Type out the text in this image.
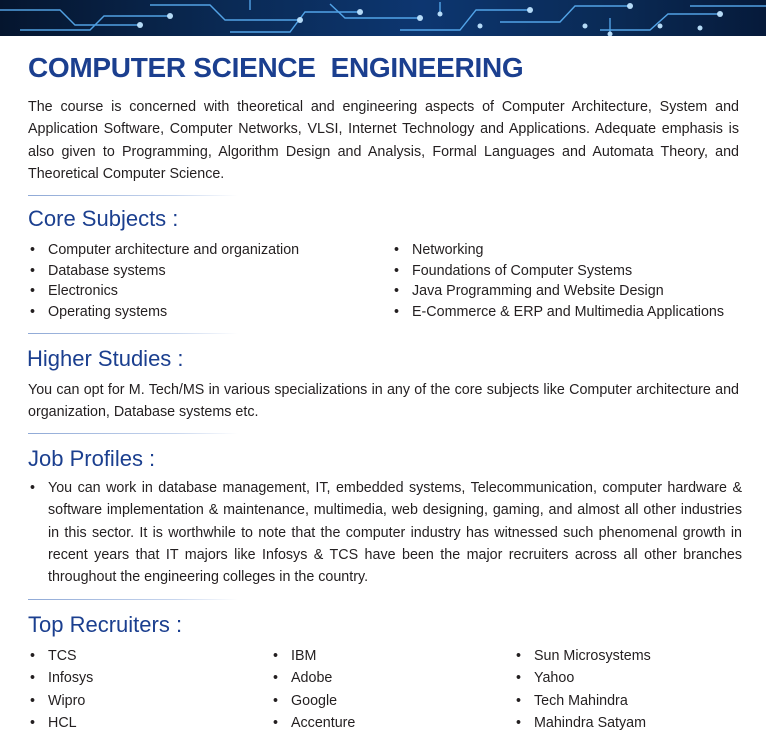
COMPUTER SCIENCE  ENGINEERING

The course is concerned with theoretical and engineering aspects of Computer Architecture, System and Application Software, Computer Networks, VLSI, Internet Technology and Applications. Adequate emphasis is also given to Programming, Algorithm Design and Analysis, Formal Languages and Automata Theory, and Theoretical Computer Science.

Core Subjects :
• Computer architecture and organization
• Database systems
• Electronics
• Operating systems
• Networking
• Foundations of Computer Systems
• Java Programming and Website Design
• E-Commerce & ERP and Multimedia Applications
Higher Studies :

You can opt for M. Tech/MS in various specializations in any of the core subjects like Computer architecture and organization, Database systems etc.

Job Profiles :
• You can work in database management, IT, embedded systems, Telecommunication, computer hardware & software implementation & maintenance, multimedia, web designing, gaming, and almost all other industries in this sector. It is worthwhile to note that the computer industry has witnessed such phenomenal growth in recent years that IT majors like Infosys & TCS have been the major recruiters across all other branches throughout the engineering colleges in the country.

Top Recruiters :
• TCS
• Infosys
• Wipro
• HCL
• IBM
• Adobe
• Google
• Accenture
• Sun Microsystems
• Yahoo
• Tech Mahindra
• Mahindra Satyam
